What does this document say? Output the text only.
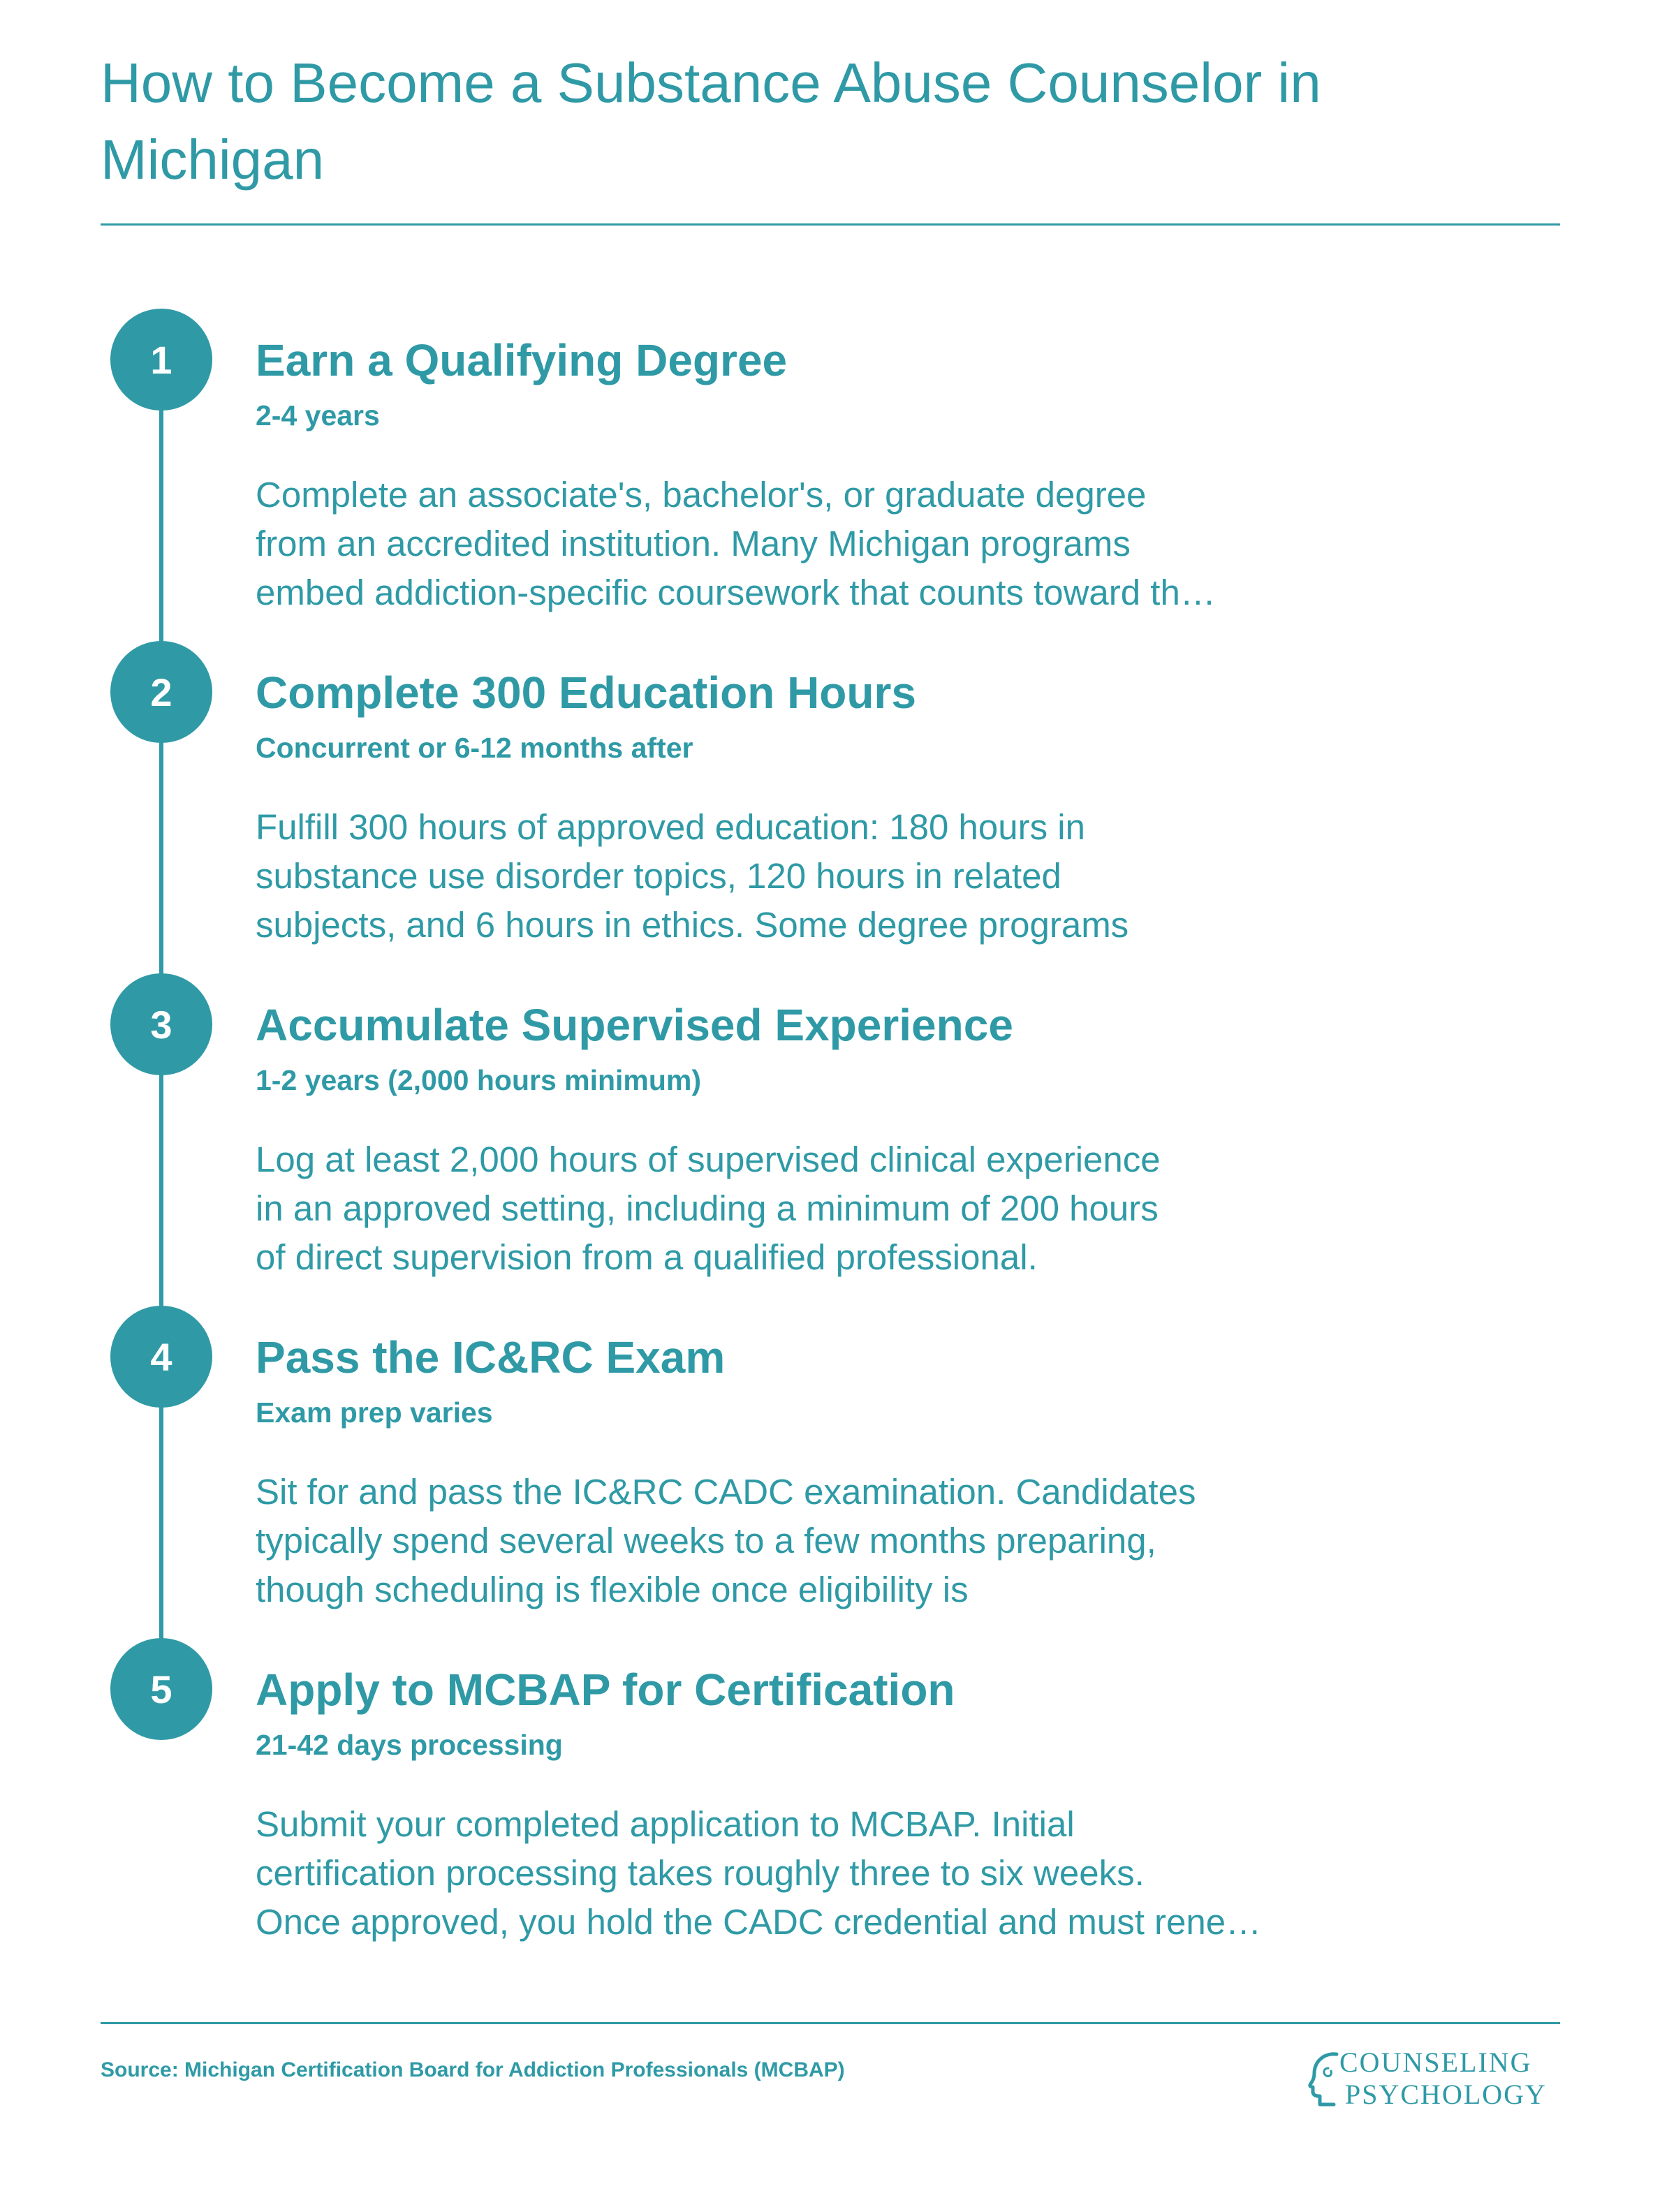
How to Become a Substance Abuse Counselor in Michigan
1	Earn a Qualifying Degree
2-4 years
Complete an associate's, bachelor's, or graduate degree
from an accredited institution. Many Michigan programs
embed addiction-specific coursework that counts toward th…
2	Complete 300 Education Hours
Concurrent or 6-12 months after
Fulfill 300 hours of approved education: 180 hours in
substance use disorder topics, 120 hours in related
subjects, and 6 hours in ethics. Some degree programs
3	Accumulate Supervised Experience
1-2 years (2,000 hours minimum)
Log at least 2,000 hours of supervised clinical experience
in an approved setting, including a minimum of 200 hours
of direct supervision from a qualified professional.
4	Pass the IC&RC Exam
Exam prep varies
Sit for and pass the IC&RC CADC examination. Candidates
typically spend several weeks to a few months preparing,
though scheduling is flexible once eligibility is
5	Apply to MCBAP for Certification
21-42 days processing
Submit your completed application to MCBAP. Initial
certification processing takes roughly three to six weeks.
Once approved, you hold the CADC credential and must rene…
Source: Michigan Certification Board for Addiction Professionals (MCBAP)	COUNSELING
PSYCHOLOGY
